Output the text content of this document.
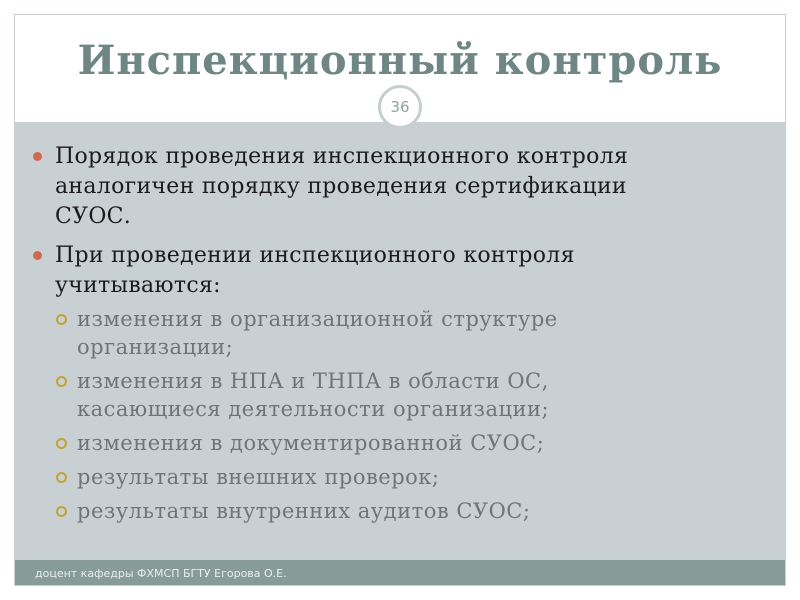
Инспекционный контроль
36
Порядок проведения инспекционного контроля
аналогичен порядку проведения сертификации
СУОС.
При проведении инспекционного контроля
учитываются:
изменения в организационной структуре
организации;
изменения в НПА и ТНПА в области ОС,
касающиеся деятельности организации;
изменения в документированной СУОС;
результаты внешних проверок;
результаты внутренних аудитов СУОС;
доцент кафедры ФХМСП БГТУ Егорова О.Е.
